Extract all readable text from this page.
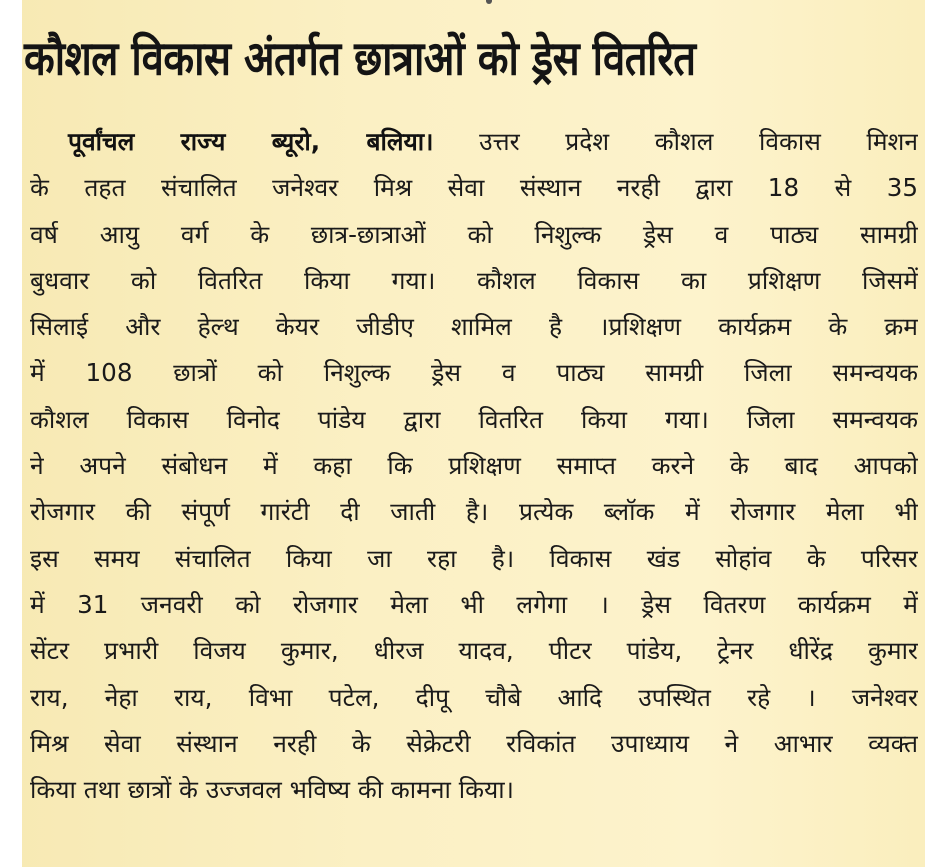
कौशल विकास अंतर्गत छात्राओं को ड्रेस वितरित
पूर्वांचल राज्य ब्यूरो, बलिया। उत्तर प्रदेश कौशल विकास मिशन
के तहत संचालित जनेश्वर मिश्र सेवा संस्थान नरही द्वारा 18 से 35
वर्ष आयु वर्ग के छात्र-छात्राओं को निशुल्क ड्रेस व पाठ्य सामग्री
बुधवार को वितरित किया गया। कौशल विकास का प्रशिक्षण जिसमें
सिलाई और हेल्थ केयर जीडीए शामिल है ।प्रशिक्षण कार्यक्रम के क्रम
में 108 छात्रों को निशुल्क ड्रेस व पाठ्य सामग्री जिला समन्वयक
कौशल विकास विनोद पांडेय द्वारा वितरित किया गया। जिला समन्वयक
ने अपने संबोधन में कहा कि प्रशिक्षण समाप्त करने के बाद आपको
रोजगार की संपूर्ण गारंटी दी जाती है। प्रत्येक ब्लॉक में रोजगार मेला भी
इस समय संचालित किया जा रहा है। विकास खंड सोहांव के परिसर
में 31 जनवरी को रोजगार मेला भी लगेगा । ड्रेस वितरण कार्यक्रम में
सेंटर प्रभारी विजय कुमार, धीरज यादव, पीटर पांडेय, ट्रेनर धीरेंद्र कुमार
राय, नेहा राय, विभा पटेल, दीपू चौबे आदि उपस्थित रहे । जनेश्वर
मिश्र सेवा संस्थान नरही के सेक्रेटरी रविकांत उपाध्याय ने आभार व्यक्त
किया तथा छात्रों के उज्जवल भविष्य की कामना किया।
